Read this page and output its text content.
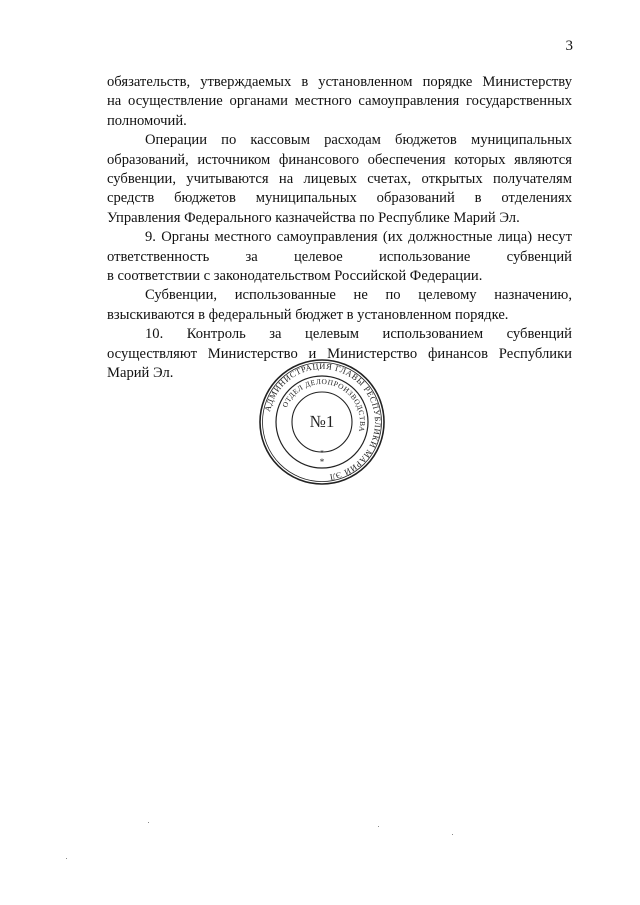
3

обязательств, утверждаемых в установленном порядке Министерству

на осуществление органами местного самоуправления государственных

полномочий.

Операции по кассовым расходам бюджетов муниципальных

образований, источником финансового обеспечения которых являются

субвенции, учитываются на лицевых счетах, открытых получателям

средств бюджетов муниципальных образований в отделениях

Управления Федерального казначейства по Республике Марий Эл.

9. Органы местного самоуправления (их должностные лица) несут

ответственность за целевое использование субвенций

в соответствии с законодательством Российской Федерации.

Субвенции, использованные не по целевому назначению,

взыскиваются в федеральный бюджет в установленном порядке.

10. Контроль за целевым использованием субвенций

осуществляют Министерство и Министерство финансов Республики

Марий Эл.

АДМИНИСТРАЦИЯ ГЛАВЫ РЕСПУБЛИКИ МАРИЙ ЭЛ
ОТДЕЛ ДЕЛОПРОИЗВОДСТВА
№1
*
*
